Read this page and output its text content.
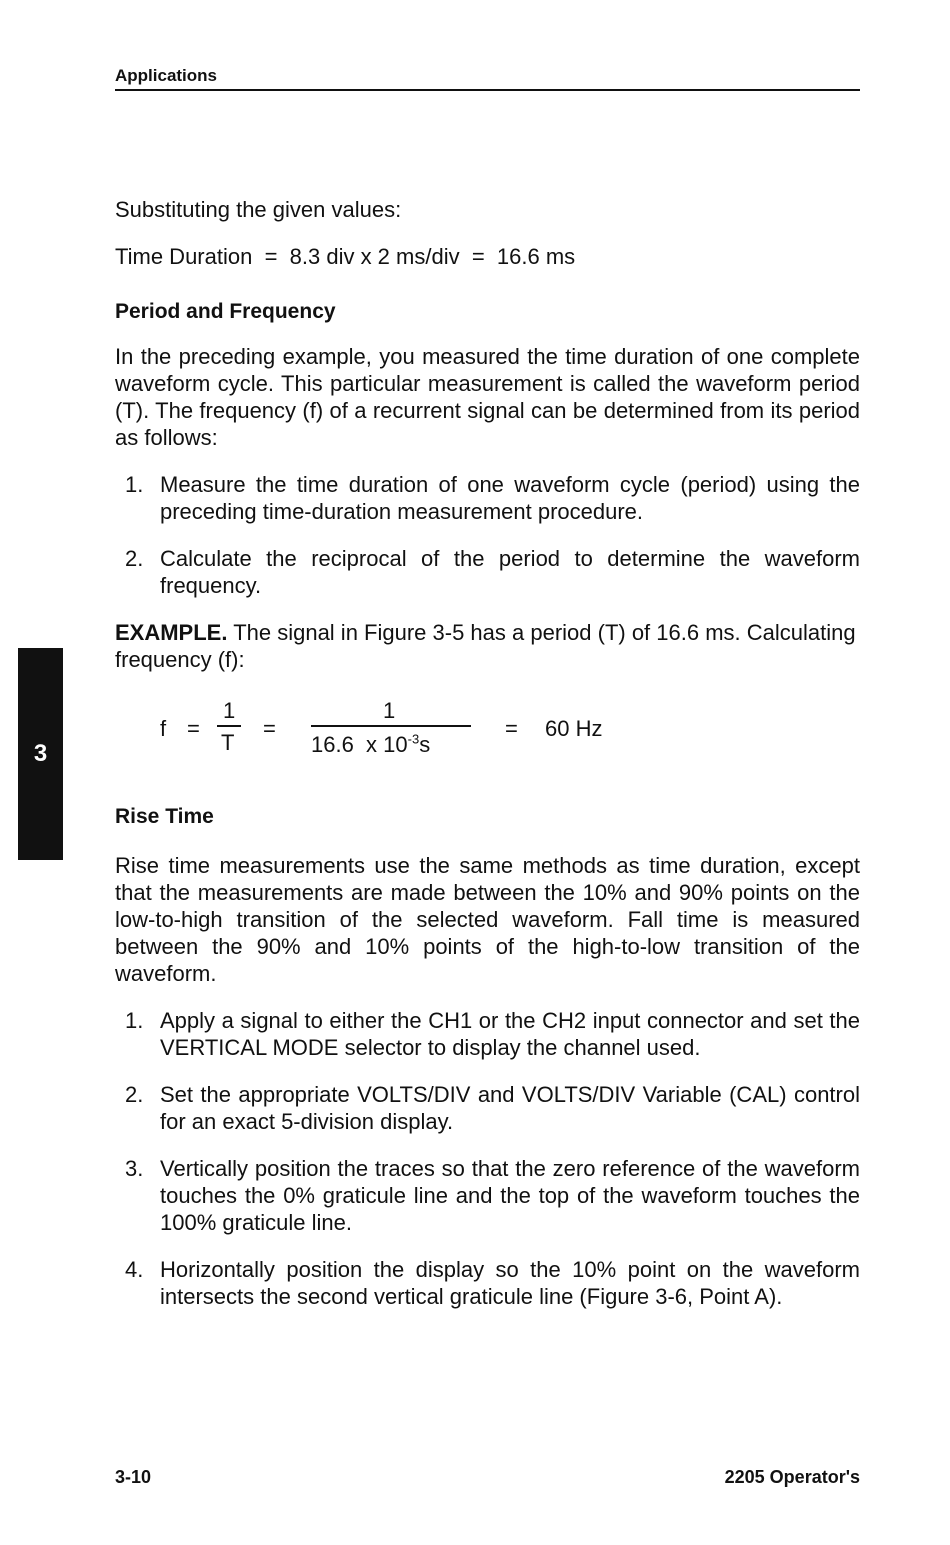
Applications
3

Substituting the given values:

Time Duration  =  8.3 div x 2 ms/div  =  16.6 ms

Period and Frequency

In the preceding example, you measured the time duration of one complete waveform cycle. This particular measurement is called the waveform period (T). The frequency (f) of a recurrent signal can be determined from its period as follows:

1. Measure the time duration of one waveform cycle (period) using the preceding time-duration measurement procedure.
2. Calculate the reciprocal of the period to determine the waveform frequency.

EXAMPLE. The signal in Figure 3-5 has a period (T) of 16.6 ms. Calculating frequency (f):

f =
1
T
=
1
16.6  x $10^{-3}s$
= 60 Hz

Rise Time

Rise time measurements use the same methods as time duration, except that the measurements are made between the 10% and 90% points on the low-to-high transition of the selected waveform. Fall time is measured between the 90% and 10% points of the high-to-low transition of the waveform.

1. Apply a signal to either the CH1 or the CH2 input connector and set the VERTICAL MODE selector to display the channel used.
2. Set the appropriate VOLTS/DIV and VOLTS/DIV Variable (CAL) control for an exact 5-division display.
3. Vertically position the traces so that the zero reference of the waveform touches the 0% graticule line and the top of the waveform touches the 100% graticule line.
4. Horizontally position the display so the 10% point on the waveform intersects the second vertical graticule line (Figure 3-6, Point A).
3-10	2205 Operator's
